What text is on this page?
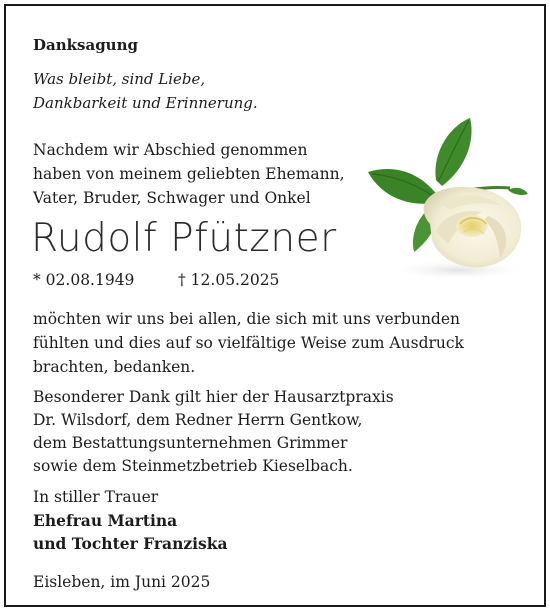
Danksagung
Was bleibt, sind Liebe,
Dankbarkeit und Erinnerung.
Nachdem wir Abschied genommen
haben von meinem geliebten Ehemann,
Vater, Bruder, Schwager und Onkel
Rudolf Pfützner
* 02.08.1949	† 12.05.2025
möchten wir uns bei allen, die sich mit uns verbunden
fühlten und dies auf so vielfältige Weise zum Ausdruck
brachten, bedanken.
Besonderer Dank gilt hier der Hausarztpraxis
Dr. Wilsdorf, dem Redner Herrn Gentkow,
dem Bestattungsunternehmen Grimmer
sowie dem Steinmetzbetrieb Kieselbach.
In stiller Trauer
Ehefrau Martina
und Tochter Franziska
Eisleben, im Juni 2025
